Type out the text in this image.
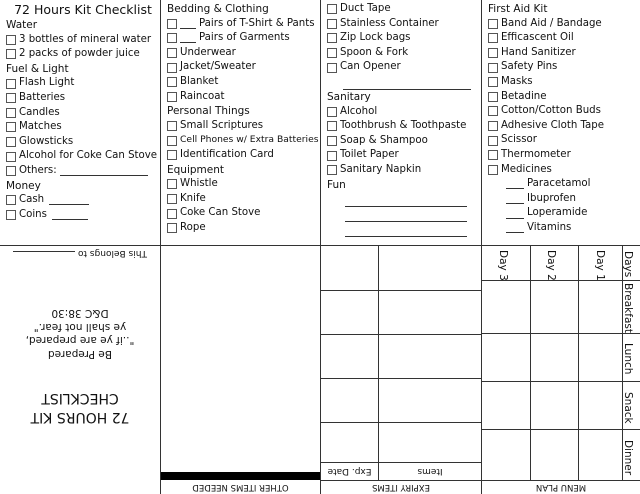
72 Hours Kit Checklist
Water
3 bottles of mineral water
2 packs of powder juice
Fuel & Light
Flash Light
Batteries
Candles
Matches
Glowsticks
Alcohol for Coke Can Stove
Others:
Money
Cash
Coins
Bedding & Clothing
Pairs of T-Shirt & Pants
Pairs of Garments
Underwear
Jacket/Sweater
Blanket
Raincoat
Personal Things
Small Scriptures
Cell Phones w/ Extra Batteries
Identification Card
Equipment
Whistle
Knife
Coke Can Stove
Rope
Duct Tape
Stainless Container
Zip Lock bags
Spoon & Fork
Can Opener
Sanitary
Alcohol
Toothbrush & Toothpaste
Soap & Shampoo
Toilet Paper
Sanitary Napkin
Fun
First Aid Kit
Band Aid / Bandage
Efficascent Oil
Hand Sanitizer
Safety Pins
Masks
Betadine
Cotton/Cotton Buds
Adhesive Cloth Tape
Scissor
Thermometer
Medicines
Paracetamol
Ibuprofen
Loperamide
Vitamins
This Belongs to
Be Prepared
"..if ye are prepared,
ye shall not fear."
D&C 38:30
72 HOURS KIT
CHECKLIST
OTHER ITEMS NEEDED
Exp. Date	Items
EXPIRY ITEMS
Days
Breakfast
Lunch
Snack
Dinner
Day 1
Day 2
Day 3
MENU PLAN
